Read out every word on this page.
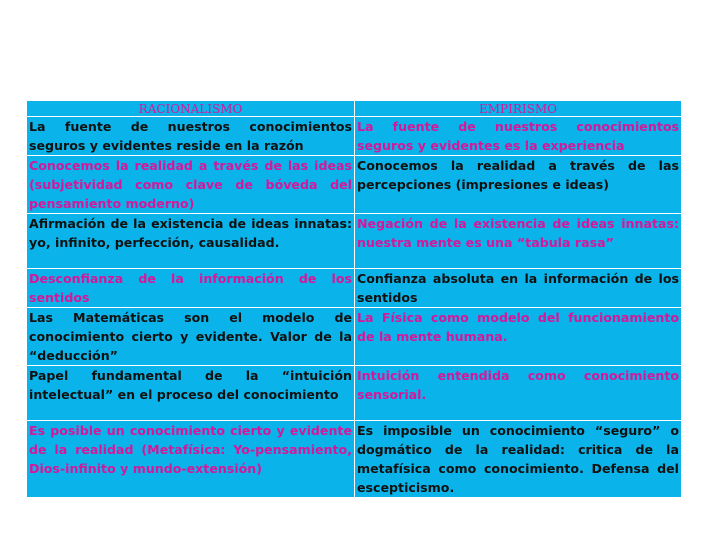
RACIONALISMO	EMPIRISMO
La fuente de nuestros conocimientos seguros y evidentes reside en la razón	La fuente de nuestros conocimientos seguros y evidentes es la experiencia
Conocemos la realidad a través de las ideas (subjetividad como clave de bóveda del pensamiento moderno)	Conocemos la realidad a través de las percepciones (impresiones e ideas)
Afirmación de la existencia de ideas innatas: yo, infinito, perfección, causalidad.	Negación de la existencia de ideas innatas: nuestra mente es una “tabula rasa”
Desconfianza de la información de los sentidos	Confianza absoluta en la información de los sentidos
Las Matemáticas son el modelo de conocimiento cierto y evidente. Valor de la “deducción”	La Física como modelo del funcionamiento de la mente humana.
Papel fundamental de la “intuición intelectual” en el proceso del conocimiento	Intuición entendida como conocimiento sensorial.
Es posible un conocimiento cierto y evidente de la realidad (Metafísica: Yo-pensamiento, Dios-infinito y mundo-extensión)	Es imposible un conocimiento “seguro” o dogmático de la realidad: critica de la metafísica como conocimiento. Defensa del escepticismo.
